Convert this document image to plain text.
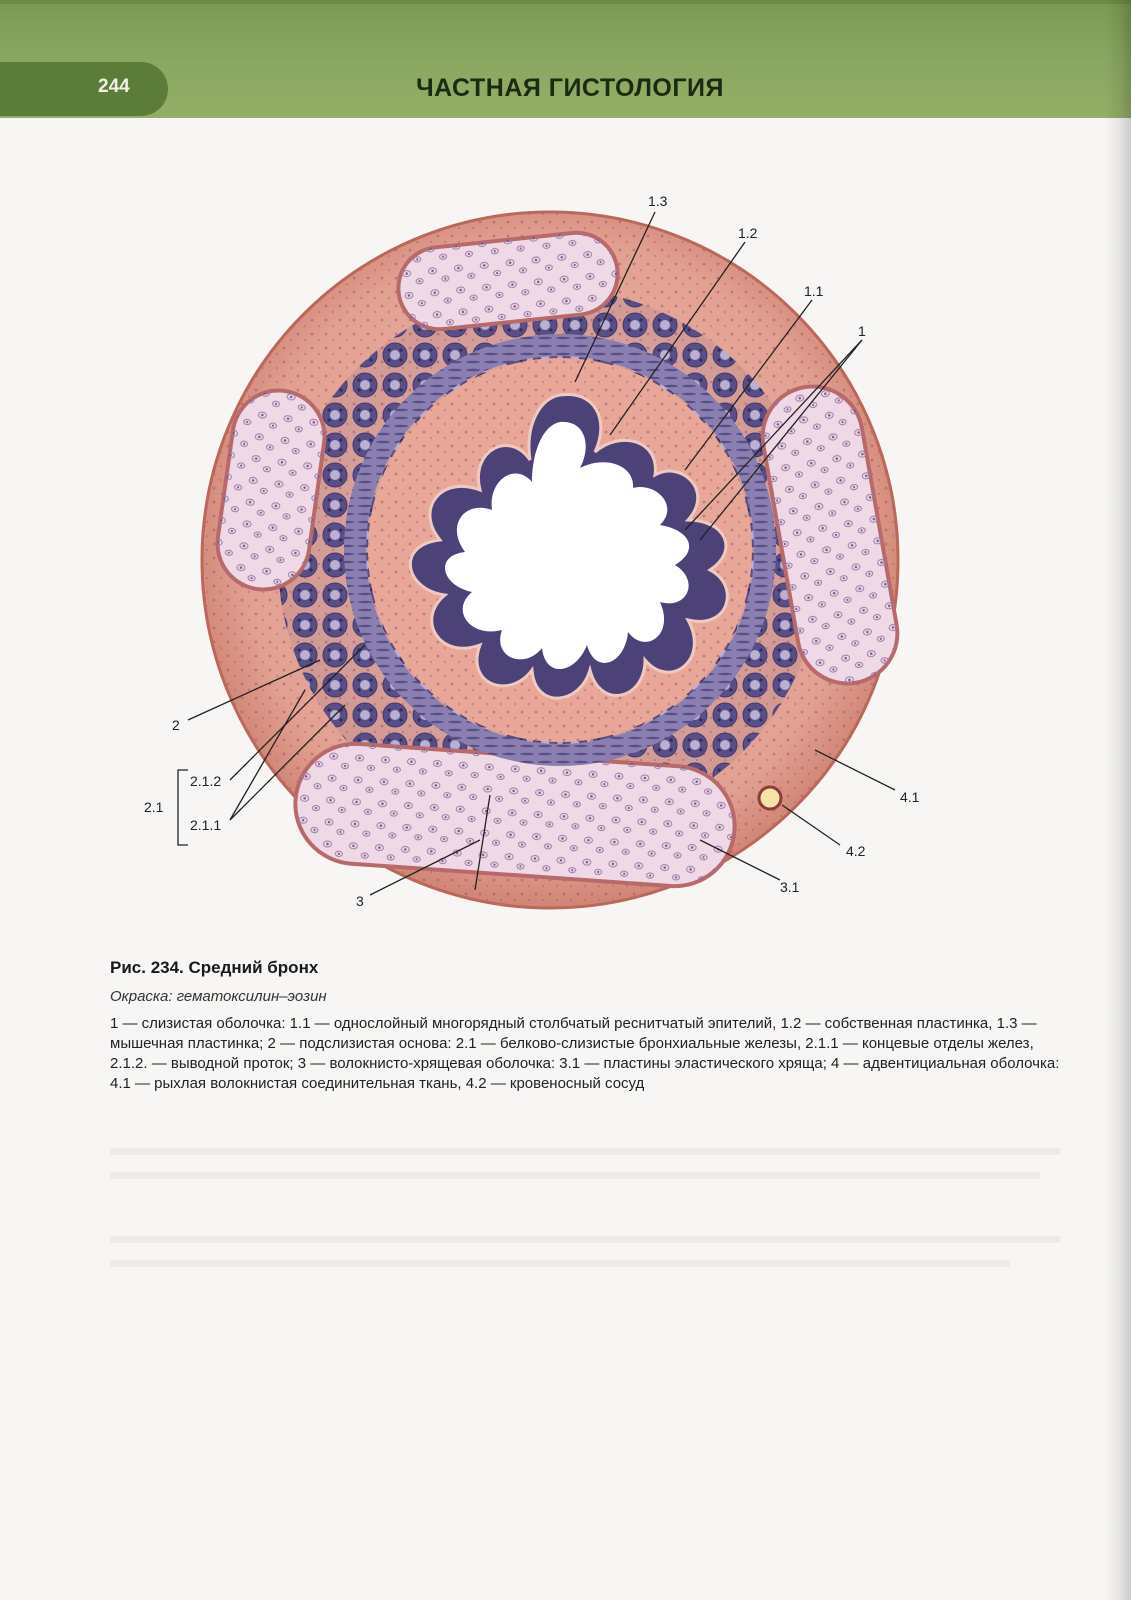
244	ЧАСТНАЯ ГИСТОЛОГИЯ
1.3
1.2
1.1
1
2
2.1.2
2.1
2.1.1
3
3.1
4.1
4.2
Рис. 234. Средний бронх
Окраска: гематоксилин–эозин

1 — слизистая оболочка: 1.1 — однослойный многорядный столбчатый реснитчатый эпителий, 1.2 — собственная пластинка, 1.3 — мышечная пластинка; 2 — подслизистая основа: 2.1 — белково-слизистые бронхиальные железы, 2.1.1 — концевые отделы желез, 2.1.2. — выводной проток; 3 — волокнисто-хрящевая оболочка: 3.1 — пластины эластического хряща; 4 — адвентициальная оболочка: 4.1 — рыхлая волокнистая соединительная ткань, 4.2 — кровеносный сосуд
